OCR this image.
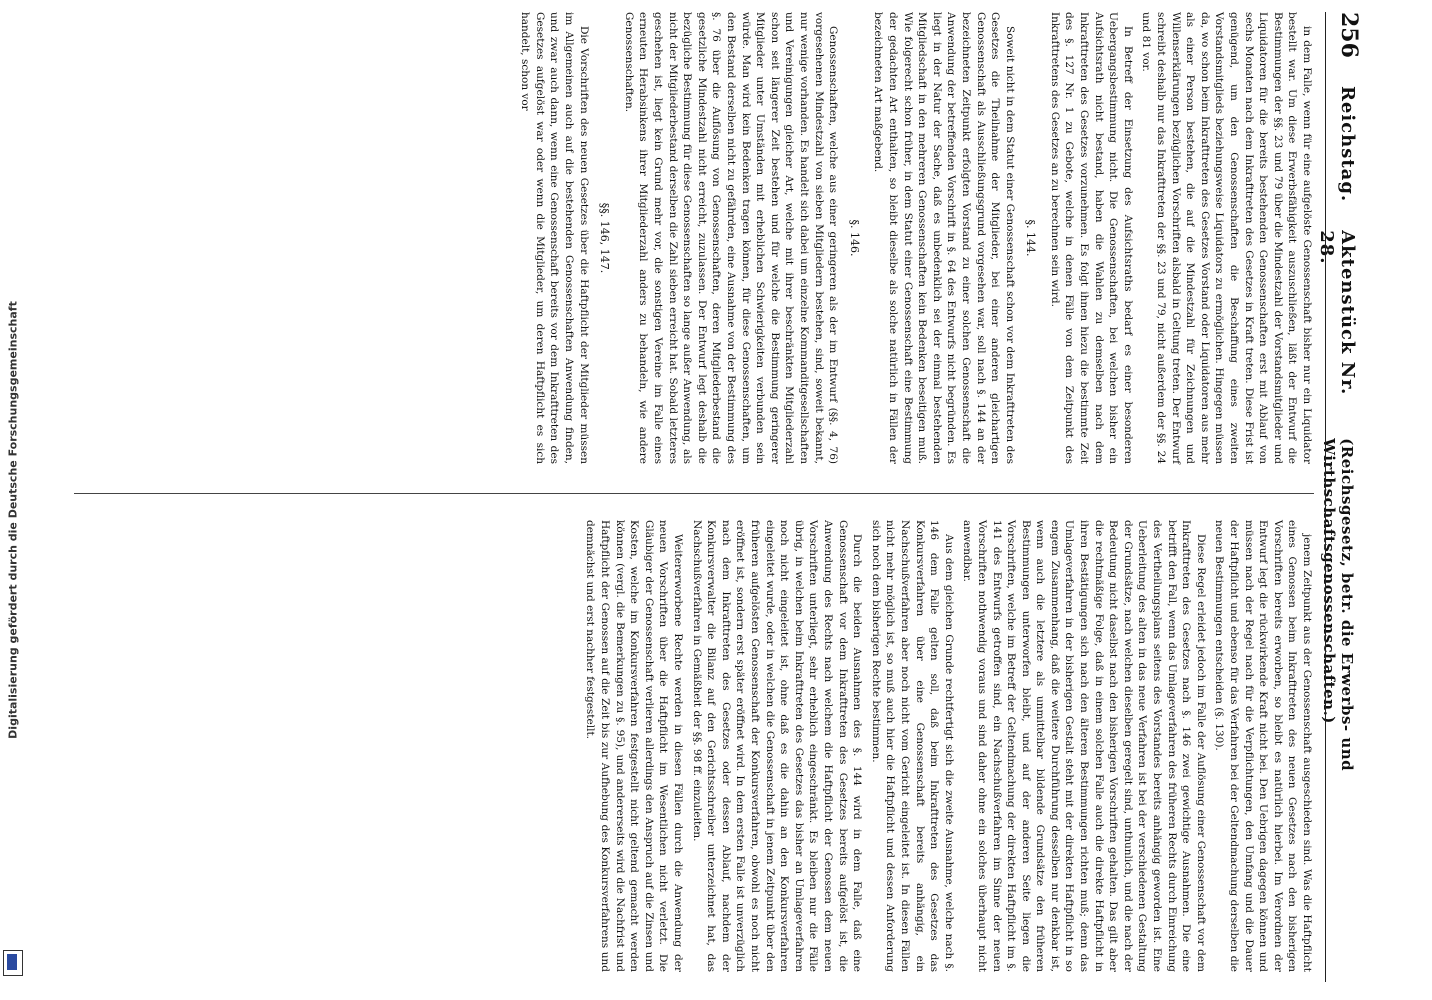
Digitalisierung gefördert durch die Deutsche Forschungsgemeinschaft
256
Reichstag.
Aktenstück Nr. 28.
(Reichsgesetz, betr. die Erwerbs- und Wirthschaftsgenossenschaften.)

in dem Falle, wenn für eine aufgelöste Genossenschaft bisher nur ein Liquidator bestellt war. Um diese Erwerbsfähigkeit auszuschließen, läßt der Entwurf die Bestimmungen der §§. 23 und 79 über die Mindestzahl der Vorstandsmitglieder und Liquidatoren für die bereits bestehenden Genossenschaften erst mit Ablauf von sechs Monaten nach dem Inkrafttreten des Gesetzes in Kraft treten. Diese Frist ist genügend, um den Genossenschaften die Beschaffung eines zweiten Vorstandsmitglieds beziehungsweise Liquidators zu ermöglichen. Hingegen müssen da, wo schon beim Inkrafttreten des Gesetzes Vorstand oder Liquidatoren aus mehr als einer Person bestehen, die auf die Mindestzahl für Zeichnungen und Willenserklärungen bezüglichen Vorschriften alsbald in Geltung treten. Der Entwurf schreibt deshalb nur das Inkrafttreten der §§. 23 und 79, nicht außerdem der §§. 24 und 81 vor.

In Betreff der Einsetzung des Aufsichtsraths bedarf es einer besonderen Uebergangsbestimmung nicht. Die Genossenschaften, bei welchen bisher ein Aufsichtsrath nicht bestand, haben die Wahlen zu demselben nach dem Inkrafttreten des Gesetzes vorzunehmen. Es folgt ihnen hiezu die bestimmte Zeit des §. 127 Nr. 1 zu Gebote, welche in denen Fälle von dem Zeitpunkt des Inkrafttretens des Gesetzes an zu berechnen sein wird.

§. 144.

Soweit nicht in dem Statut einer Genossenschaft schon vor dem Inkrafttreten des Gesetzes die Theilnahme der Mitglieder, bei einer anderen gleichartigen Genossenschaft als Ausschließungsgrund vorgesehen war, soll nach §. 144 an der bezeichneten Zeitpunkt erfolgten Vorstand zu einer solchen Genossenschaft die Anwendung der betreffenden Vorschrift in §. 64 des Entwurfs nicht begründen. Es liegt in der Natur der Sache, daß es unbedenklich sei der einmal bestehenden Mitgliedschaft in den mehreren Genossenschaften kein Bedenken beseitigen muß. Wie folgerecht schon früher, in dem Statut einer Genossenschaft eine Bestimmung der gedachten Art enthalten, so bleibt dieselbe als solche natürlich in Fällen der bezeichneten Art maßgebend.

§. 146.

Genossenschaften, welche aus einer geringeren als der im Entwurf (§§. 4, 76) vorgesehenen Mindestzahl von sieben Mitgliedern bestehen, sind, soweit bekannt, nur wenige vorhanden. Es handelt sich dabei um einzelne Kommanditgesellschaften und Vereinigungen gleicher Art, welche mit ihrer beschränkten Mitgliederzahl schon seit längerer Zeit bestehen und für welche die Bestimmung geringerer Mitglieder unter Umständen mit erheblichen Schwierigkeiten verbunden sein würde. Man wird kein Bedenken tragen können, für diese Genossenschaften, um den Bestand derselben nicht zu gefährden, eine Ausnahme von der Bestimmung des §. 76 über die Auflösung von Genossenschaften, deren Mitgliederbestand die gesetzliche Mindestzahl nicht erreicht, zuzulassen. Der Entwurf legt deshalb die bezügliche Bestimmung für diese Genossenschaften so lange außer Anwendung, als nicht der Mitgliederbestand derselben die Zahl sieben erreicht hat. Sobald letzteres geschehen ist, liegt kein Grund mehr vor, die sonstigen Vereine im Falle eines erneuten Herabsinkens ihrer Mitgliederzahl anders zu behandeln, wie andere Genossenschaften.

§§. 146, 147.

Die Vorschriften des neuen Gesetzes über die Haftpflicht der Mitglieder müssen im Allgemeinen auch auf die bestehenden Genossenschaften Anwendung finden, und zwar auch dann, wenn eine Genossenschaft bereits vor dem Inkrafttreten des Gesetzes aufgelöst war oder wenn die Mitglieder, um deren Haftpflicht es sich handelt, schon vor

jenem Zeitpunkt aus der Genossenschaft ausgeschieden sind. Was die Haftpflicht eines Genossen beim Inkrafttreten des neuen Gesetzes nach den bisherigen Vorschriften bereits erworben, so bleibt es natürlich hierbei. Im Verordnen der Entwurf legt die rückwirkende Kraft nicht bei. Den Uebrigen dagegen können und müssen nach der Regel nach für die Verpflichtungen, den Umfang und die Dauer der Haftpflicht und ebenso für das Verfahren bei der Geltendmachung derselben die neuen Bestimmungen entscheiden (§. 130).

Diese Regel erleidet jedoch im Falle der Auflösung einer Genossenschaft vor dem Inkrafttreten des Gesetzes nach §. 146 zwei gewichtige Ausnahmen. Die eine betrifft den Fall, wenn das Umlageverfahren des früheren Rechts durch Einreichung des Vertheilungsplans seitens des Vorstandes bereits anhängig geworden ist. Eine Ueberleitung des alten in das neue Verfahren ist bei der verschiedenen Gestaltung der Grundsätze, nach welchen dieselben geregelt sind, unthunlich, und die nach der Bedeutung nicht daselbst nach den bisherigen Vorschriften gehalten. Das gilt aber die rechtmäßige Folge, daß in einem solchen Falle auch die direkte Haftpflicht in ihren Bestätigungen sich nach den älteren Bestimmungen richten muß; denn das Umlageverfahren in der bisherigen Gestalt steht mit der direkten Haftpflicht in so engem Zusammenhang, daß die weitere Durchführung desselben nur denkbar ist, wenn auch die letztere als unmittelbar bildende Grundsätze den früheren Bestimmungen unterworfen bleibt, und auf der anderen Seite liegen die Vorschriften, welche im Betreff der Geltendmachung der direkten Haftpflicht im §. 141 des Entwurfs getroffen sind, ein Nachschußverfahren im Sinne der neuen Vorschriften nothwendig voraus und sind daher ohne ein solches überhaupt nicht anwendbar.

Aus dem gleichen Grunde rechtfertigt sich die zweite Ausnahme, welche nach §. 146 dem Falle gelten soll, daß beim Inkrafttreten des Gesetzes das Konkursverfahren über eine Genossenschaft bereits anhängig, ein Nachschußverfahren aber noch nicht vom Gericht eingeleitet ist. In diesen Fällen nicht mehr möglich ist, so muß auch hier die Haftpflicht und dessen Anforderung sich noch dem bisherigen Rechte bestimmen.

Durch die beiden Ausnahmen des §. 144 wird in dem Falle, daß eine Genossenschaft vor dem Inkrafttreten des Gesetzes bereits aufgelöst ist, die Anwendung des Rechts nach welchem die Haftpflicht der Genossen dem neuen Vorschriften unterliegt, sehr erheblich eingeschränkt. Es bleiben nur die Fälle übrig, in welchen beim Inkrafttreten des Gesetzes das bisher an Umlageverfahren noch nicht eingeleitet ist, ohne daß es die dahin an den Konkursverfahren eingeleitet wurde, oder in welchen die Genossenschaft in jenem Zeitpunkt über den früheren aufgelösten Genossenschaft der Konkursverfahren, obwohl es noch nicht eröffnet ist, sondern erst später eröffnet wird. In dem ersten Falle ist unverzüglich nach dem Inkrafttreten des Gesetzes oder dessen Ablauf, nachdem der Konkursverwalter die Bilanz auf den Gerichtsschreiber unterzeichnet hat, das Nachschußverfahren in Gemäßheit der §§. 98 ff. einzuleiten.

Weitererworbene Rechte werden in diesen Fällen durch die Anwendung der neuen Vorschriften über die Haftpflicht im Wesentlichen nicht verletzt. Die Gläubiger der Genossenschaft verlieren allerdings den Anspruch auf die Zinsen und Kosten, welche im Konkursverfahren festgestellt nicht geltend gemacht werden können (vergl. die Bemerkungen zu §. 95), und andererseits wird die Nachfrist und Haftpflicht der Genossen auf die Zeit bis zur Aufhebung des Konkursverfahrens und demnächst und erst nachher festgestellt.
